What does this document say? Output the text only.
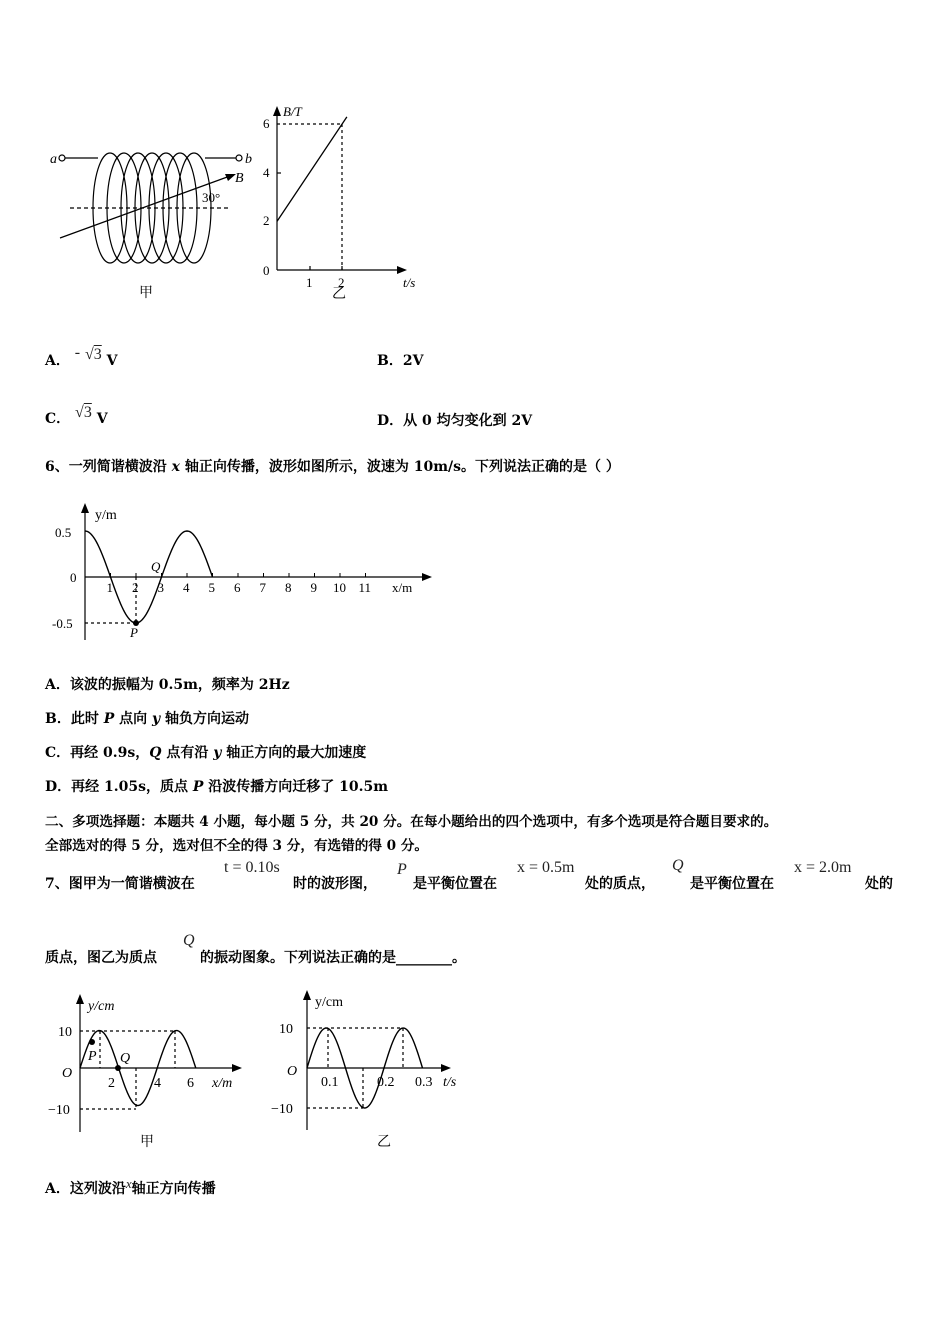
a	b
B
30°
甲
B/T
6
4
2
0
1 2	t/s
乙
A． - √3 V	B．2V
C． √3 V	D．从 0 均匀变化到 2V
6、一列简谐横波沿 x 轴正向传播，波形如图所示，波速为 10m/s。下列说法正确的是（ ）
y/m
0.5
0
-0.5
1 2 3 4 5 6 7 8 9 10 11 x/m
P
Q
A．该波的振幅为 0.5m，频率为 2Hz
B．此时 P 点向 y 轴负方向运动
C．再经 0.9s，Q 点有沿 y 轴正方向的最大加速度
D．再经 1.05s，质点 P 沿波传播方向迁移了 10.5m
二、多项选择题：本题共 4 小题，每小题 5 分，共 20 分。在每小题给出的四个选项中，有多个选项是符合题目要求的。
全部选对的得 5 分，选对但不全的得 3 分，有选错的得 0 分。
7、图甲为一简谐横波在
t = 0.10s
时的波形图，
P
是平衡位置在
x = 0.5m
处的质点，
Q
是平衡位置在
x = 2.0m
处的
质点，图乙为质点
Q
的振动图象。下列说法正确的是________。
y/cm
10
O
−10
2	4 6 x/m
P Q
甲
y/cm
10
O
−10
0.1	0.2 0.3 t/s
乙
A．这列波沿x轴正方向传播
